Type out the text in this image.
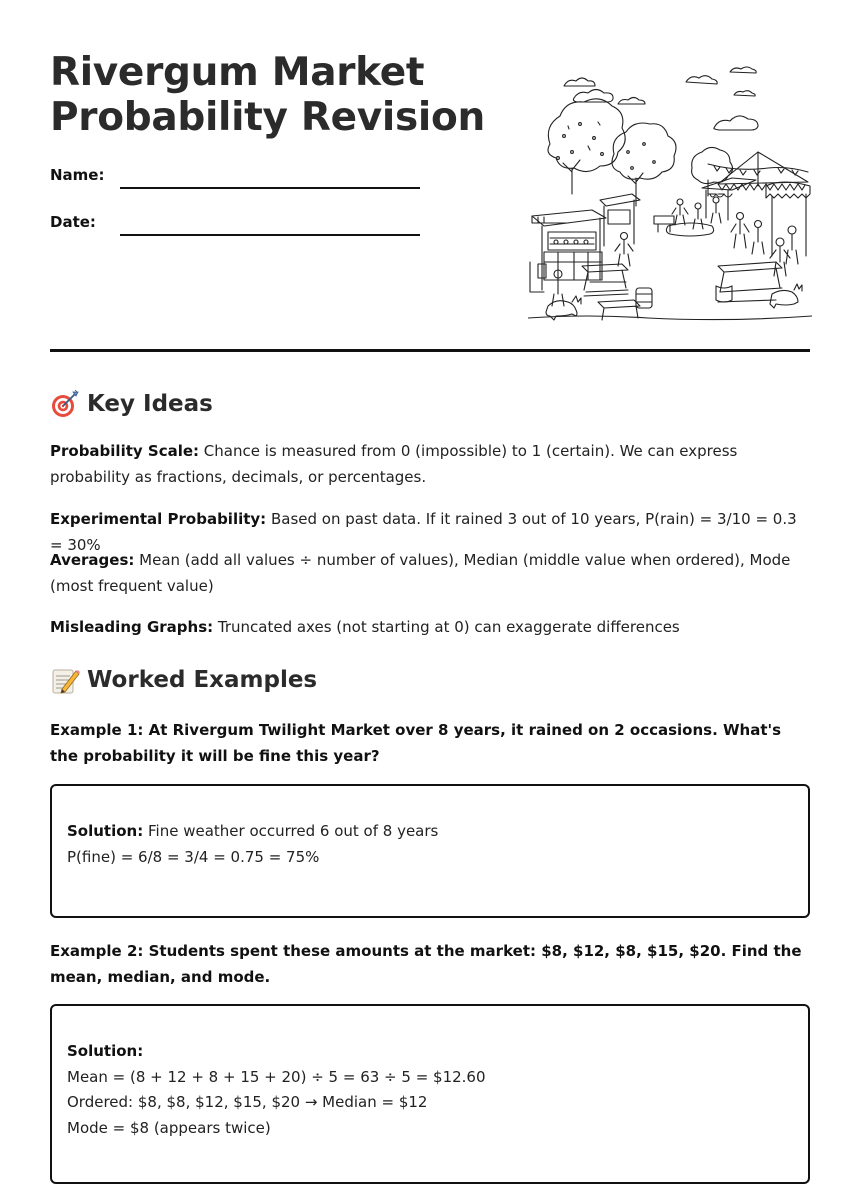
Rivergum Market
Probability Revision
Name:
Date:
Key Ideas

Probability Scale: Chance is measured from 0 (impossible) to 1 (certain). We can express probability as fractions, decimals, or percentages.

Experimental Probability: Based on past data. If it rained 3 out of 10 years, P(rain) = 3/10 = 0.3 = 30%

Averages: Mean (add all values ÷ number of values), Median (middle value when ordered), Mode (most frequent value)

Misleading Graphs: Truncated axes (not starting at 0) can exaggerate differences

Worked Examples

Example 1: At Rivergum Twilight Market over 8 years, it rained on 2 occasions. What's the probability it will be fine this year?

Solution: Fine weather occurred 6 out of 8 years
P(fine) = 6/8 = 3/4 = 0.75 = 75%

Example 2: Students spent these amounts at the market: $8, $12, $8, $15, $20. Find the mean, median, and mode.

Solution:
Mean = (8 + 12 + 8 + 15 + 20) ÷ 5 = 63 ÷ 5 = $12.60
Ordered: $8, $8, $12, $15, $20 → Median = $12
Mode = $8 (appears twice)
